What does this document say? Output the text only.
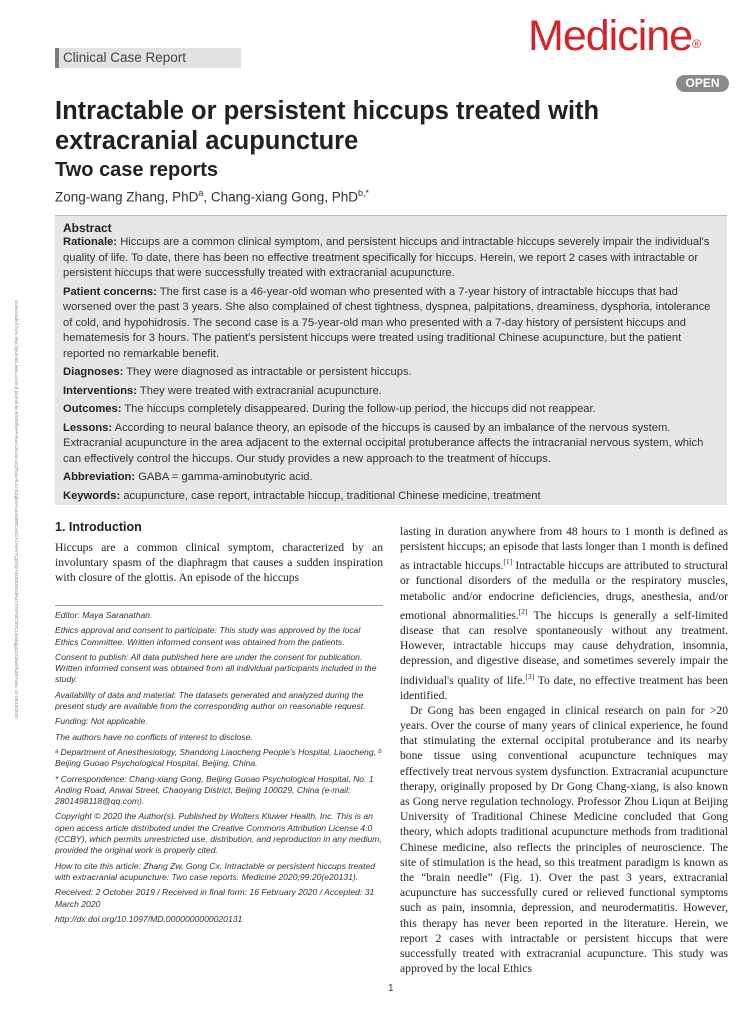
Clinical Case Report	Medicine®
OPEN
Intractable or persistent hiccups treated with extracranial acupuncture
Two case reports
Zong-wang Zhang, PhD$^a$, Chang-xiang Gong, PhD$^{b,*}$
Downloaded from http://journals.lww.com/md-journal by BhDMf5ePHKav1zEoum1tQfN4a+kJLhEZgbsIHo4XMi0hCywCX1AWnYQp/IlQrHD3i3D0OdRyi7TvSFl4Cf3VC1y0abggQZXdtwnfKZBYtws= on 05/18/2020
Abstract

Rationale: Hiccups are a common clinical symptom, and persistent hiccups and intractable hiccups severely impair the individual's quality of life. To date, there has been no effective treatment specifically for hiccups. Herein, we report 2 cases with intractable or persistent hiccups that were successfully treated with extracranial acupuncture.

Patient concerns: The first case is a 46-year-old woman who presented with a 7-year history of intractable hiccups that had worsened over the past 3 years. She also complained of chest tightness, dyspnea, palpitations, dreaminess, dysphoria, intolerance of cold, and hypohidrosis. The second case is a 75-year-old man who presented with a 7-day history of persistent hiccups and hematemesis for 3 hours. The patient's persistent hiccups were treated using traditional Chinese acupuncture, but the patient reported no remarkable benefit.

Diagnoses: They were diagnosed as intractable or persistent hiccups.

Interventions: They were treated with extracranial acupuncture.

Outcomes: The hiccups completely disappeared. During the follow-up period, the hiccups did not reappear.

Lessons: According to neural balance theory, an episode of the hiccups is caused by an imbalance of the nervous system. Extracranial acupuncture in the area adjacent to the external occipital protuberance affects the intracranial nervous system, which can effectively control the hiccups. Our study provides a new approach to the treatment of hiccups.

Abbreviation: GABA = gamma-aminobutyric acid.

Keywords: acupuncture, case report, intractable hiccup, traditional Chinese medicine, treatment

1. Introduction

Hiccups are a common clinical symptom, characterized by an involuntary spasm of the diaphragm that causes a sudden inspiration with closure of the glottis. An episode of the hiccups

Editor: Maya Saranathan.

Ethics approval and consent to participate: This study was approved by the local Ethics Committee. Written informed consent was obtained from the patients.

Consent to publish: All data published here are under the consent for publication. Written informed consent was obtained from all individual participants included in the study.

Availability of data and material: The datasets generated and analyzed during the present study are available from the corresponding author on reasonable request.

Funding: Not applicable.

The authors have no conflicts of interest to disclose.

ᵃ Department of Anesthesiology, Shandong Liaocheng People's Hospital, Liaocheng, ᵇ Beijing Guoao Psychological Hospital, Beijing, China.

* Correspondence: Chang-xiang Gong, Beijing Guoao Psychological Hospital, No. 1 Anding Road, Anwai Street, Chaoyang District, Beijing 100029, China (e-mail: 2801498118@qq.com).

Copyright © 2020 the Author(s). Published by Wolters Kluwer Health, Inc. This is an open access article distributed under the Creative Commons Attribution License 4.0 (CCBY), which permits unrestricted use, distribution, and reproduction in any medium, provided the original work is properly cited.

How to cite this article: Zhang Zw, Gong Cx. Intractable or persistent hiccups treated with extracranial acupuncture: Two case reports. Medicine 2020;99:20(e20131).

Received: 2 October 2019 / Received in final form: 16 February 2020 / Accepted: 31 March 2020

http://dx.doi.org/10.1097/MD.0000000000020131

lasting in duration anywhere from 48 hours to 1 month is defined as persistent hiccups; an episode that lasts longer than 1 month is defined as intractable hiccups.[1] Intractable hiccups are attributed to structural or functional disorders of the medulla or the respiratory muscles, metabolic and/or endocrine deficiencies, drugs, anesthesia, and/or emotional abnormalities.[2] The hiccups is generally a self-limited disease that can resolve spontaneously without any treatment. However, intractable hiccups may cause dehydration, insomnia, depression, and digestive disease, and sometimes severely impair the individual's quality of life.[3] To date, no effective treatment has been identified.

Dr Gong has been engaged in clinical research on pain for >20 years. Over the course of many years of clinical experience, he found that stimulating the external occipital protuberance and its nearby bone tissue using conventional acupuncture techniques may effectively treat nervous system dysfunction. Extracranial acupuncture therapy, originally proposed by Dr Gong Chang-xiang, is also known as Gong nerve regulation technology. Professor Zhou Liqun at Beijing University of Traditional Chinese Medicine concluded that Gong theory, which adopts traditional acupuncture methods from traditional Chinese medicine, also reflects the principles of neuroscience. The site of stimulation is the head, so this treatment paradigm is known as the “brain needle” (Fig. 1). Over the past 3 years, extracranial acupuncture has successfully cured or relieved functional symptoms such as pain, insomnia, depression, and neurodermatitis. However, this therapy has never been reported in the literature. Herein, we report 2 cases with intractable or persistent hiccups that were successfully treated with extracranial acupuncture. This study was approved by the local Ethics

1
